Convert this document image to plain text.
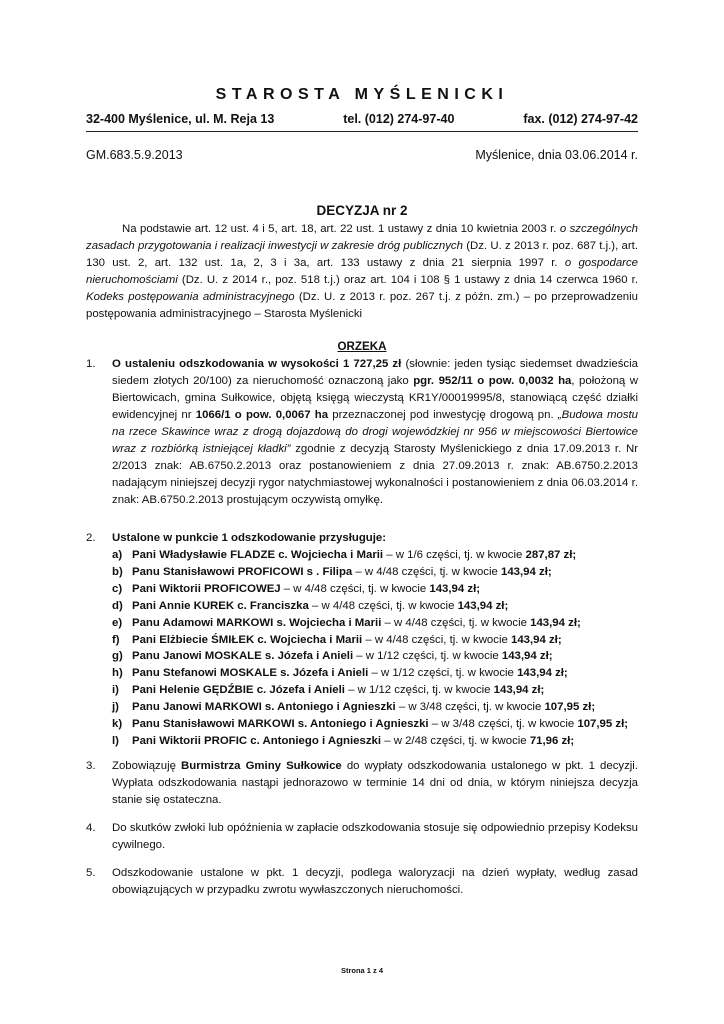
STAROSTA MYŚLENICKI
32-400 Myślenice, ul. M. Reja 13	tel. (012) 274-97-40	fax. (012) 274-97-42
GM.683.5.9.2013	Myślenice, dnia 03.06.2014 r.
DECYZJA nr 2
Na podstawie art. 12 ust. 4 i 5, art. 18, art. 22 ust. 1 ustawy z dnia 10 kwietnia 2003 r. o szczególnych zasadach przygotowania i realizacji inwestycji w zakresie dróg publicznych (Dz. U. z 2013 r. poz. 687 t.j.), art. 130 ust. 2, art. 132 ust. 1a, 2, 3 i 3a, art. 133 ustawy z dnia 21 sierpnia 1997 r. o gospodarce nieruchomościami (Dz. U. z 2014 r., poz. 518 t.j.) oraz art. 104 i 108 § 1 ustawy z dnia 14 czerwca 1960 r. Kodeks postępowania administracyjnego (Dz. U. z 2013 r. poz. 267 t.j. z późn. zm.) – po przeprowadzeniu postępowania administracyjnego – Starosta Myślenicki
ORZEKA
1.	O ustaleniu odszkodowania w wysokości 1 727,25 zł (słownie: jeden tysiąc siedemset dwadzieścia siedem złotych 20/100) za nieruchomość oznaczoną jako pgr. 952/11 o pow. 0,0032 ha, położoną w Biertowicach, gmina Sułkowice, objętą księgą wieczystą KR1Y/00019995/8, stanowiącą część działki ewidencyjnej nr 1066/1 o pow. 0,0067 ha przeznaczonej pod inwestycję drogową pn. „Budowa mostu na rzece Skawince wraz z drogą dojazdową do drogi wojewódzkiej nr 956 w miejscowości Biertowice wraz z rozbiórką istniejącej kładki” zgodnie z decyzją Starosty Myślenickiego z dnia 17.09.2013 r. Nr 2/2013 znak: AB.6750.2.2013 oraz postanowieniem z dnia 27.09.2013 r. znak: AB.6750.2.2013 nadającym niniejszej decyzji rygor natychmiastowej wykonalności i postanowieniem z dnia 06.03.2014 r. znak: AB.6750.2.2013 prostującym oczywistą omyłkę.
2.	Ustalone w punkcie 1 odszkodowanie przysługuje:
a) Pani Władysławie FLADZE c. Wojciecha i Marii – w 1/6 części, tj. w kwocie 287,87 zł;
b) Panu Stanisławowi PROFICOWI s . Filipa – w 4/48 części, tj. w kwocie 143,94 zł;
c) Pani Wiktorii PROFICOWEJ – w 4/48 części, tj. w kwocie 143,94 zł;
d) Pani Annie KUREK c. Franciszka – w 4/48 części, tj. w kwocie 143,94 zł;
e) Panu Adamowi MARKOWI s. Wojciecha i Marii – w 4/48 części, tj. w kwocie 143,94 zł;
f) Pani Elżbiecie ŚMIŁEK c. Wojciecha i Marii – w 4/48 części, tj. w kwocie 143,94 zł;
g) Panu Janowi MOSKALE s. Józefa i Anieli – w 1/12 części, tj. w kwocie 143,94 zł;
h) Panu Stefanowi MOSKALE s. Józefa i Anieli – w 1/12 części, tj. w kwocie 143,94 zł;
i) Pani Helenie GĘDŹBIE c. Józefa i Anieli – w 1/12 części, tj. w kwocie 143,94 zł;
j) Panu Janowi MARKOWI s. Antoniego i Agnieszki – w 3/48 części, tj. w kwocie 107,95 zł;
k) Panu Stanisławowi MARKOWI s. Antoniego i Agnieszki – w 3/48 części, tj. w kwocie 107,95 zł;
l) Pani Wiktorii PROFIC c. Antoniego i Agnieszki – w 2/48 części, tj. w kwocie 71,96 zł;
3.	Zobowiązuję Burmistrza Gminy Sułkowice do wypłaty odszkodowania ustalonego w pkt. 1 decyzji. Wypłata odszkodowania nastąpi jednorazowo w terminie 14 dni od dnia, w którym niniejsza decyzja stanie się ostateczna.
4.	Do skutków zwłoki lub opóźnienia w zapłacie odszkodowania stosuje się odpowiednio przepisy Kodeksu cywilnego.
5.	Odszkodowanie ustalone w pkt. 1 decyzji, podlega waloryzacji na dzień wypłaty, według zasad obowiązujących w przypadku zwrotu wywłaszczonych nieruchomości.
Strona 1 z 4
